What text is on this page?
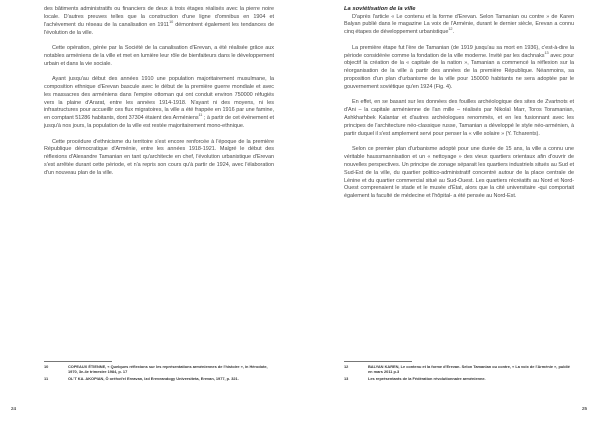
des bâtiments administratifs ou financiers de deux à trois étages réalisés avec la pierre noire locale. D'autres preuves telles que la construction d'une ligne d'omnibus en 1904 et l'achèvement du réseau de la canalisation en 1911$^{10}$ démontrent également les tendances de l'évolution de la ville.

Cette opération, gérée par la Société de la canalisation d'Erevan, a été réalisée grâce aux notables arméniens de la ville et met en lumière leur rôle de bienfaiteurs dans le développement urbain et dans la vie sociale.

Ayant jusqu'au début des années 1910 une population majoritairement musulmane, la composition ethnique d'Erevan bascule avec le début de la première guerre mondiale et avec les massacres des arméniens dans l'empire ottoman qui ont conduit environ 750000 réfugiés vers la plaine d'Ararat, entre les années 1914-1918. N'ayant ni des moyens, ni les infrastructures pour accueillir ces flux migratoires, la ville a été frappée en 1916 par une famine, en comptant 51286 habitants, dont 37304 étaient des Arméniens$^{11}$ ; à partir de cet événement et jusqu'à nos jours, la population de la ville est restée majoritairement mono-ethnique.

Cette procédure d'ethnicisme du territoire s'est encore renforcée à l'époque de la première République démocratique d'Arménie, entre les années 1918-1921. Malgré le début des réflexions d'Alexandre Tamanian en tant qu'architecte en chef, l'évolution urbanistique d'Erevan s'est arrêtée durant cette période, et n'a repris son cours qu'à partir de 1924, avec l'élaboration d'un nouveau plan de la ville.

La soviétisation de la ville

D'après l'article « Le contenu et la forme d'Erevan. Selon Tamanian ou contre » de Karen Balyan publié dans le magazine La voix de l'Arménie, durant le dernier siècle, Erevan a connu cinq étapes de développement urbanistique$^{12}$.

La première étape fut l'ère de Tamanian (de 1919 jusqu'au sa mort en 1936), c'est-à-dire la période considérée comme la fondation de la ville moderne. Invité par les dachnaks$^{13}$ avec pour objectif la création de la « capitale de la nation », Tamanian a commencé la réflexion sur la réorganisation de la ville à partir des années de la première République. Néanmoins, sa proposition d'un plan d'urbanisme de la ville pour 150000 habitants ne sera adoptée par le gouvernement soviétique qu'en 1924 (Fig. 4).

En effet, en se basant sur les données des fouilles archéologique des sites de Zvartnots et d'Ani – la capitale arménienne de l'an mille – réalisés par Nikolaï Marr, Toros Toramanian, Ashkharhbek Kalantar et d'autres archéologues renommés, et en les fusionnant avec les principes de l'architecture néo-classique russe, Tamanian a développé le style néo-arménien, à partir duquel il s'est amplement servi pour penser la « ville solaire » (Y. Tcharents).

Selon ce premier plan d'urbanisme adopté pour une durée de 15 ans, la ville a connu une véritable haussmannisation et un « nettoyage » des vieux quartiers orientaux afin d'ouvrir de nouvelles perspectives. Un principe de zonage séparait les quartiers industriels situés au Sud et Sud-Est de la ville, du quartier politico-administratif concentré autour de la place centrale de Lénine et du quartier commercial situé au Sud-Ouest. Les quartiers récréatifs au Nord et Nord-Ouest comprenaient le stade et le musée d'État, alors que la cité universitaire -qui comportait également la faculté de médecine et l'hôpital- a été pensée au Nord-Est.

10	COPEAUX ÉTIENNE, « Quelques réflexions sur les représentations arméniennes de l'histoire », in Hérodote, 1970, 3e-4e trimestre 1984, p. 17
11	OL'T KA. AKOPIAN, Ô oréhot'el Ereavan, Izd Ereveandogy Universiteta, Erevan, 1977, p. 321.
12	BALYAN KAREN, Le contenu et la forme d'Erevan. Selon Tamanian ou contre, « La voix de l'Arménie », publié en mars 2011 p.3
13	Les représentants de la Fédération révolutionnaire arménienne.
24	25
